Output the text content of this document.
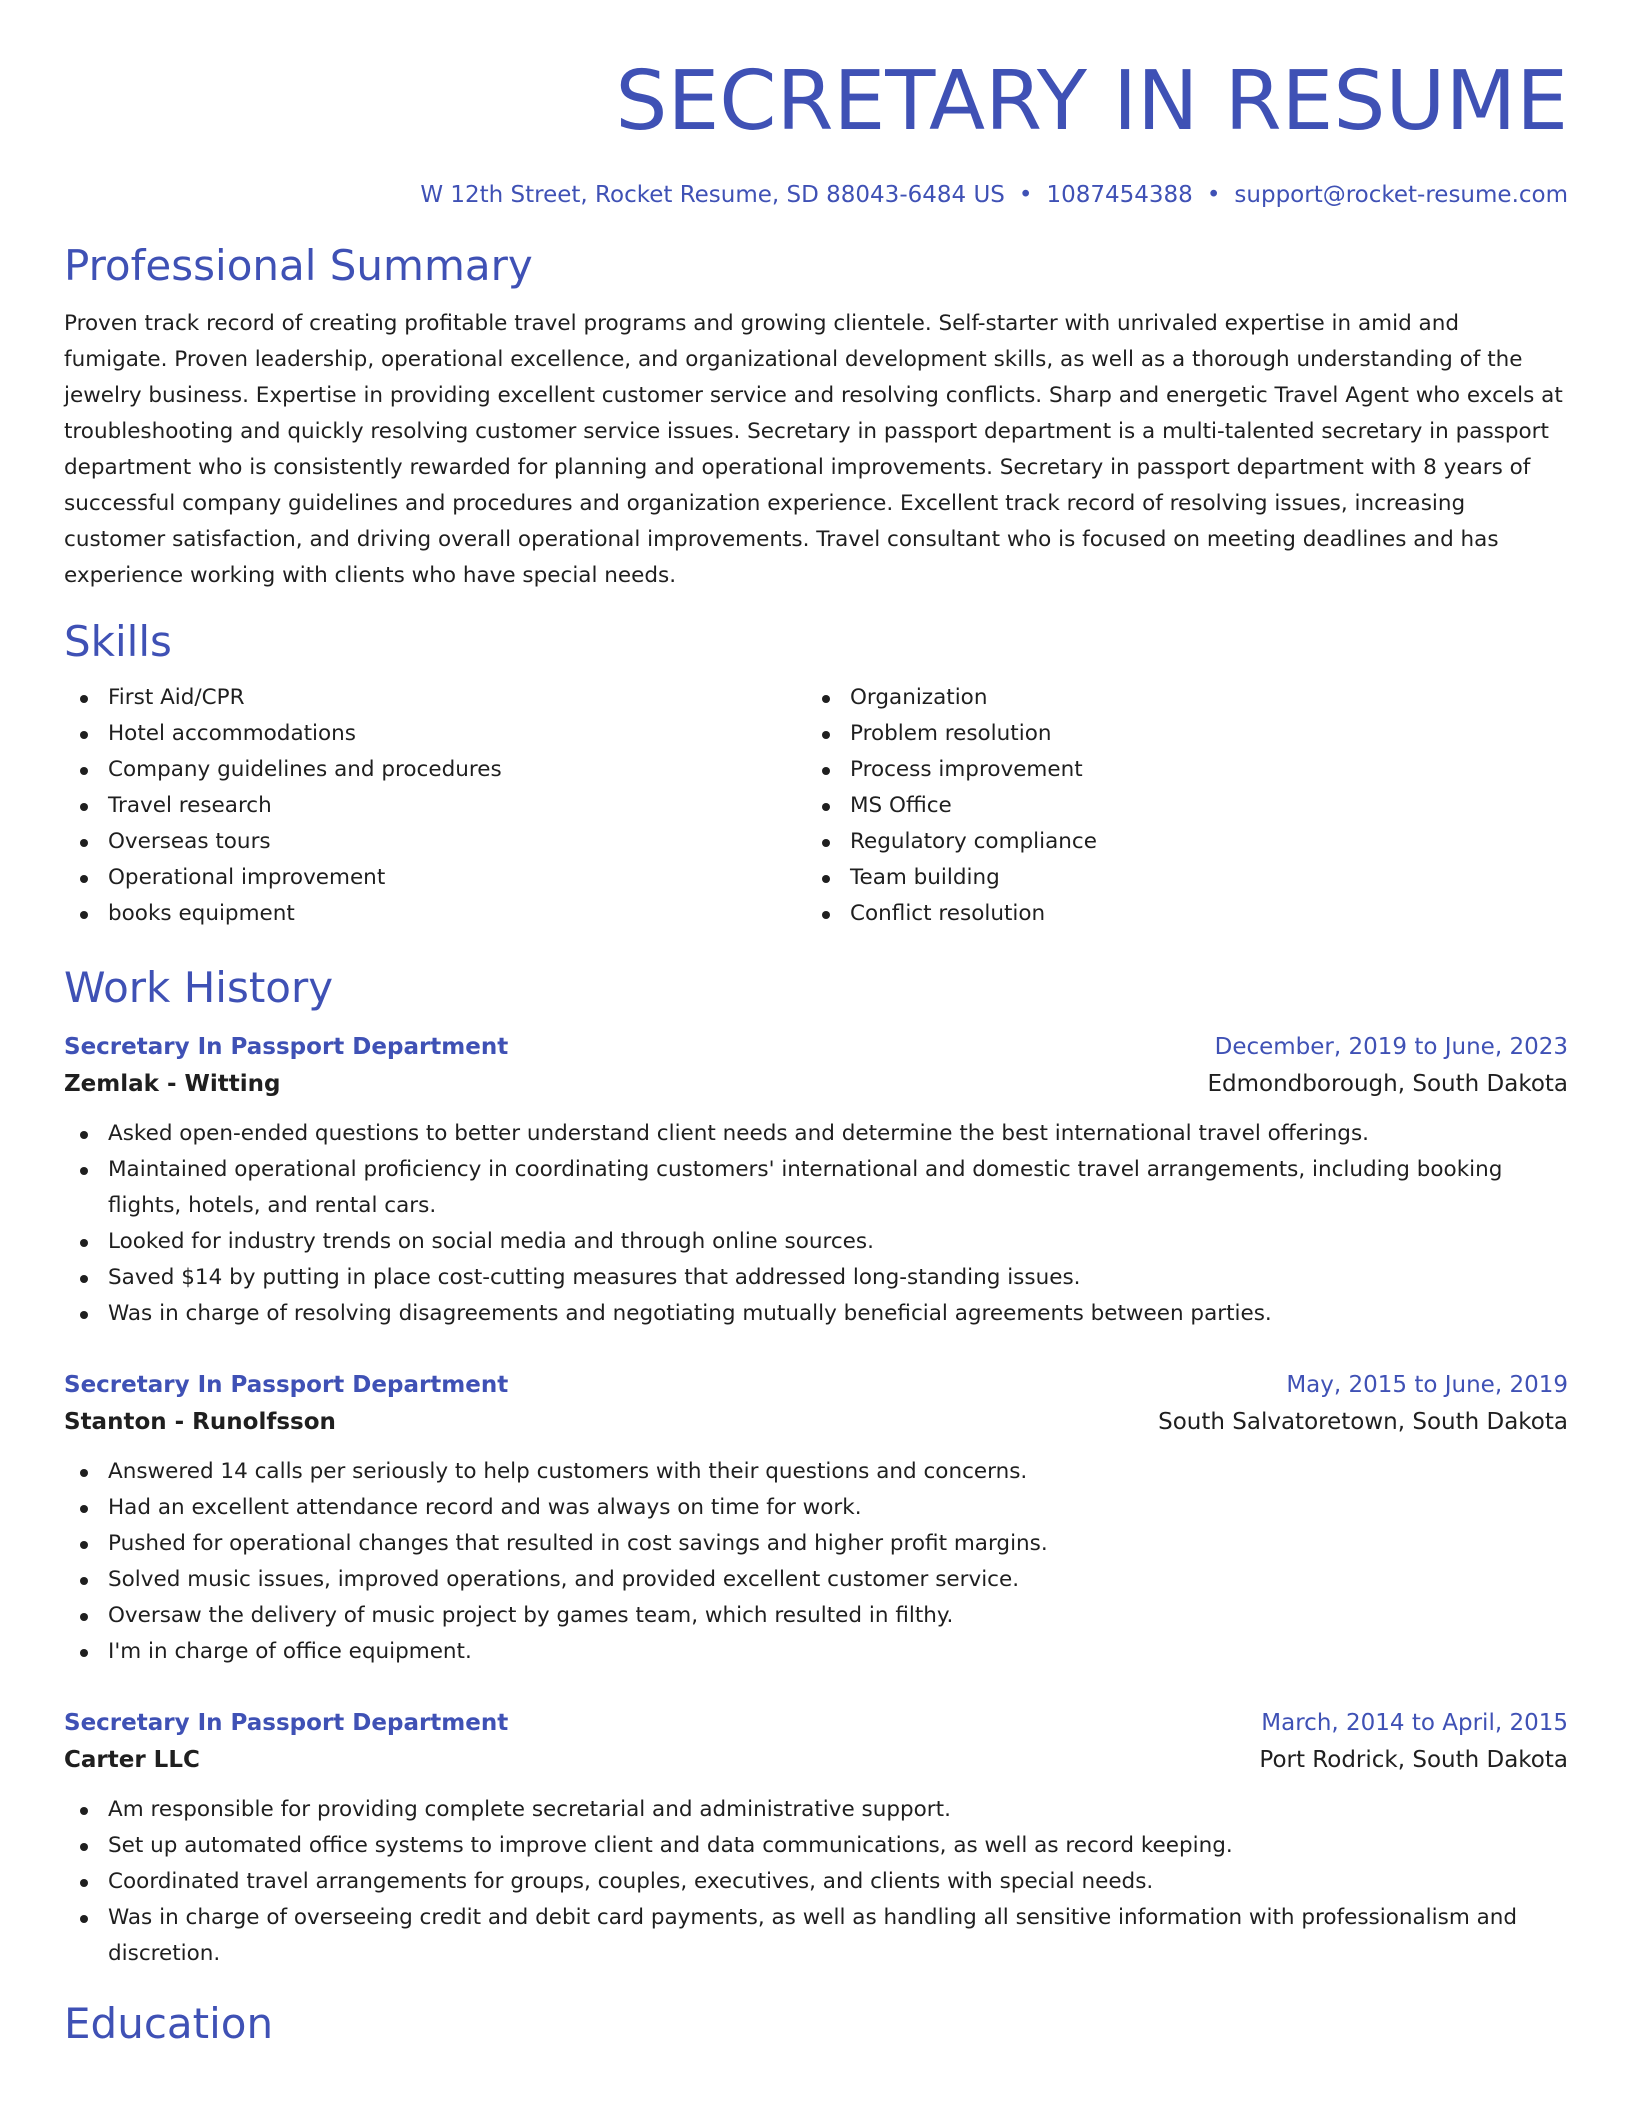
SECRETARY IN RESUME
W 12th Street, Rocket Resume, SD 88043-6484 US • 1087454388 • support@rocket-resume.com
Professional Summary

Proven track record of creating profitable travel programs and growing clientele. Self-starter with unrivaled expertise in amid and fumigate. Proven leadership, operational excellence, and organizational development skills, as well as a thorough understanding of the jewelry business. Expertise in providing excellent customer service and resolving conflicts. Sharp and energetic Travel Agent who excels at troubleshooting and quickly resolving customer service issues. Secretary in passport department is a multi-talented secretary in passport department who is consistently rewarded for planning and operational improvements. Secretary in passport department with 8 years of successful company guidelines and procedures and organization experience. Excellent track record of resolving issues, increasing customer satisfaction, and driving overall operational improvements. Travel consultant who is focused on meeting deadlines and has experience working with clients who have special needs.

Skills
First Aid/CPR
Hotel accommodations
Company guidelines and procedures
Travel research
Overseas tours
Operational improvement
books equipment
Organization
Problem resolution
Process improvement
MS Office
Regulatory compliance
Team building
Conflict resolution
Work History
Secretary In Passport Department	December, 2019 to June, 2023
Zemlak - Witting	Edmondborough, South Dakota
Asked open-ended questions to better understand client needs and determine the best international travel offerings.
Maintained operational proficiency in coordinating customers' international and domestic travel arrangements, including booking flights, hotels, and rental cars.
Looked for industry trends on social media and through online sources.
Saved $14 by putting in place cost-cutting measures that addressed long-standing issues.
Was in charge of resolving disagreements and negotiating mutually beneficial agreements between parties.
Secretary In Passport Department	May, 2015 to June, 2019
Stanton - Runolfsson	South Salvatoretown, South Dakota
Answered 14 calls per seriously to help customers with their questions and concerns.
Had an excellent attendance record and was always on time for work.
Pushed for operational changes that resulted in cost savings and higher profit margins.
Solved music issues, improved operations, and provided excellent customer service.
Oversaw the delivery of music project by games team, which resulted in filthy.
I'm in charge of office equipment.
Secretary In Passport Department	March, 2014 to April, 2015
Carter LLC	Port Rodrick, South Dakota
Am responsible for providing complete secretarial and administrative support.
Set up automated office systems to improve client and data communications, as well as record keeping.
Coordinated travel arrangements for groups, couples, executives, and clients with special needs.
Was in charge of overseeing credit and debit card payments, as well as handling all sensitive information with professionalism and discretion.
Education
